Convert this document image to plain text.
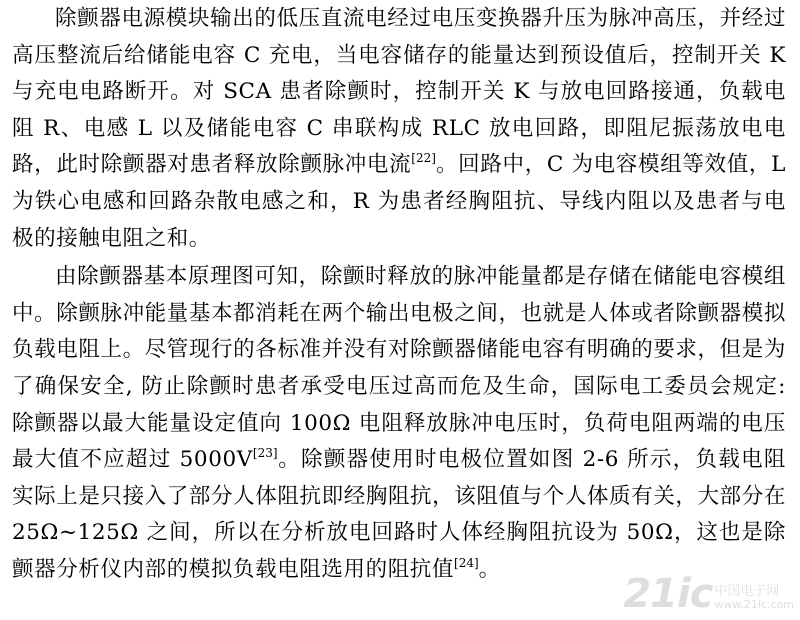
除颤器电源模块输出的低压直流电经过电压变换器升压为脉冲高压，并经过高压整流后给储能电容 C 充电，当电容储存的能量达到预设值后，控制开关 K 与充电电路断开。对 SCA 患者除颤时，控制开关 K 与放电回路接通，负载电阻 R、电感 L 以及储能电容 C 串联构成 RLC 放电回路，即阻尼振荡放电电路，此时除颤器对患者释放除颤脉冲电流[22]。回路中，C 为电容模组等效值，L 为铁心电感和回路杂散电感之和，R 为患者经胸阻抗、导线内阻以及患者与电极的接触电阻之和。

由除颤器基本原理图可知，除颤时释放的脉冲能量都是存储在储能电容模组中。除颤脉冲能量基本都消耗在两个输出电极之间，也就是人体或者除颤器模拟负载电阻上。尽管现行的各标准并没有对除颤器储能电容有明确的要求，但是为了确保安全, 防止除颤时患者承受电压过高而危及生命，国际电工委员会规定: 除颤器以最大能量设定值向 100Ω 电阻释放脉冲电压时，负荷电阻两端的电压最大值不应超过 5000V[23]。除颤器使用时电极位置如图 2-6 所示，负载电阻实际上是只接入了部分人体阻抗即经胸阻抗，该阻值与个人体质有关，大部分在 25Ω~125Ω 之间，所以在分析放电回路时人体经胸阻抗设为 50Ω，这也是除颤器分析仪内部的模拟负载电阻选用的阻抗值[24]。

21ic 中国电子网
www.21ic.com
